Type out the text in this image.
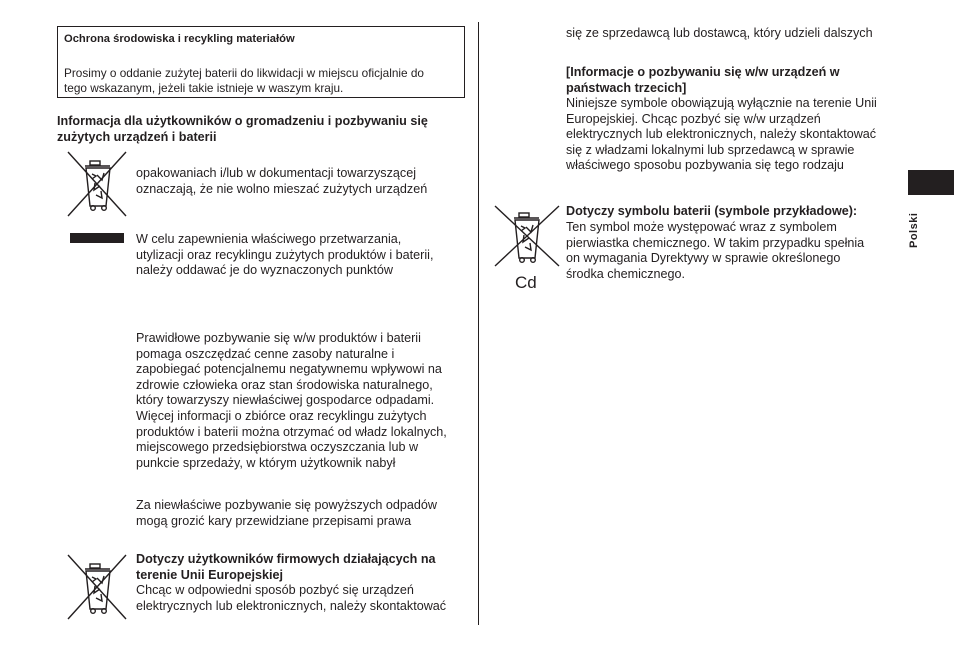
Ochrona środowiska i recykling materiałów
Prosimy o oddanie zużytej baterii do likwidacji w miejscu oficjalnie do
tego wskazanym, jeżeli takie istnieje w waszym kraju.
Informacja dla użytkowników o gromadzeniu i pozbywaniu się
zużytych urządzeń i baterii
opakowaniach i/lub w dokumentacji towarzyszącej
oznaczają, że nie wolno mieszać zużytych urządzeń
W celu zapewnienia właściwego przetwarzania,
utylizacji oraz recyklingu zużytych produktów i baterii,
należy oddawać je do wyznaczonych punktów
Prawidłowe pozbywanie się w/w produktów i baterii
pomaga oszczędzać cenne zasoby naturalne i
zapobiegać potencjalnemu negatywnemu wpływowi na
zdrowie człowieka oraz stan środowiska naturalnego,
który towarzyszy niewłaściwej gospodarce odpadami.
Więcej informacji o zbiórce oraz recyklingu zużytych
produktów i baterii można otrzymać od władz lokalnych,
miejscowego przedsiębiorstwa oczyszczania lub w
punkcie sprzedaży, w którym użytkownik nabył
Za niewłaściwe pozbywanie się powyższych odpadów
mogą grozić kary przewidziane przepisami prawa
Dotyczy użytkowników firmowych działających na
terenie Unii Europejskiej
Chcąc w odpowiedni sposób pozbyć się urządzeń
elektrycznych lub elektronicznych, należy skontaktować
się ze sprzedawcą lub dostawcą, który udzieli dalszych
[Informacje o pozbywaniu się w/w urządzeń w
państwach trzecich]
Niniejsze symbole obowiązują wyłącznie na terenie Unii
Europejskiej. Chcąc pozbyć się w/w urządzeń
elektrycznych lub elektronicznych, należy skontaktować
się z władzami lokalnymi lub sprzedawcą w sprawie
właściwego sposobu pozbywania się tego rodzaju
Cd
Dotyczy symbolu baterii (symbole przykładowe):
Ten symbol może występować wraz z symbolem
pierwiastka chemicznego. W takim przypadku spełnia
on wymagania Dyrektywy w sprawie określonego
środka chemicznego.
Polski
